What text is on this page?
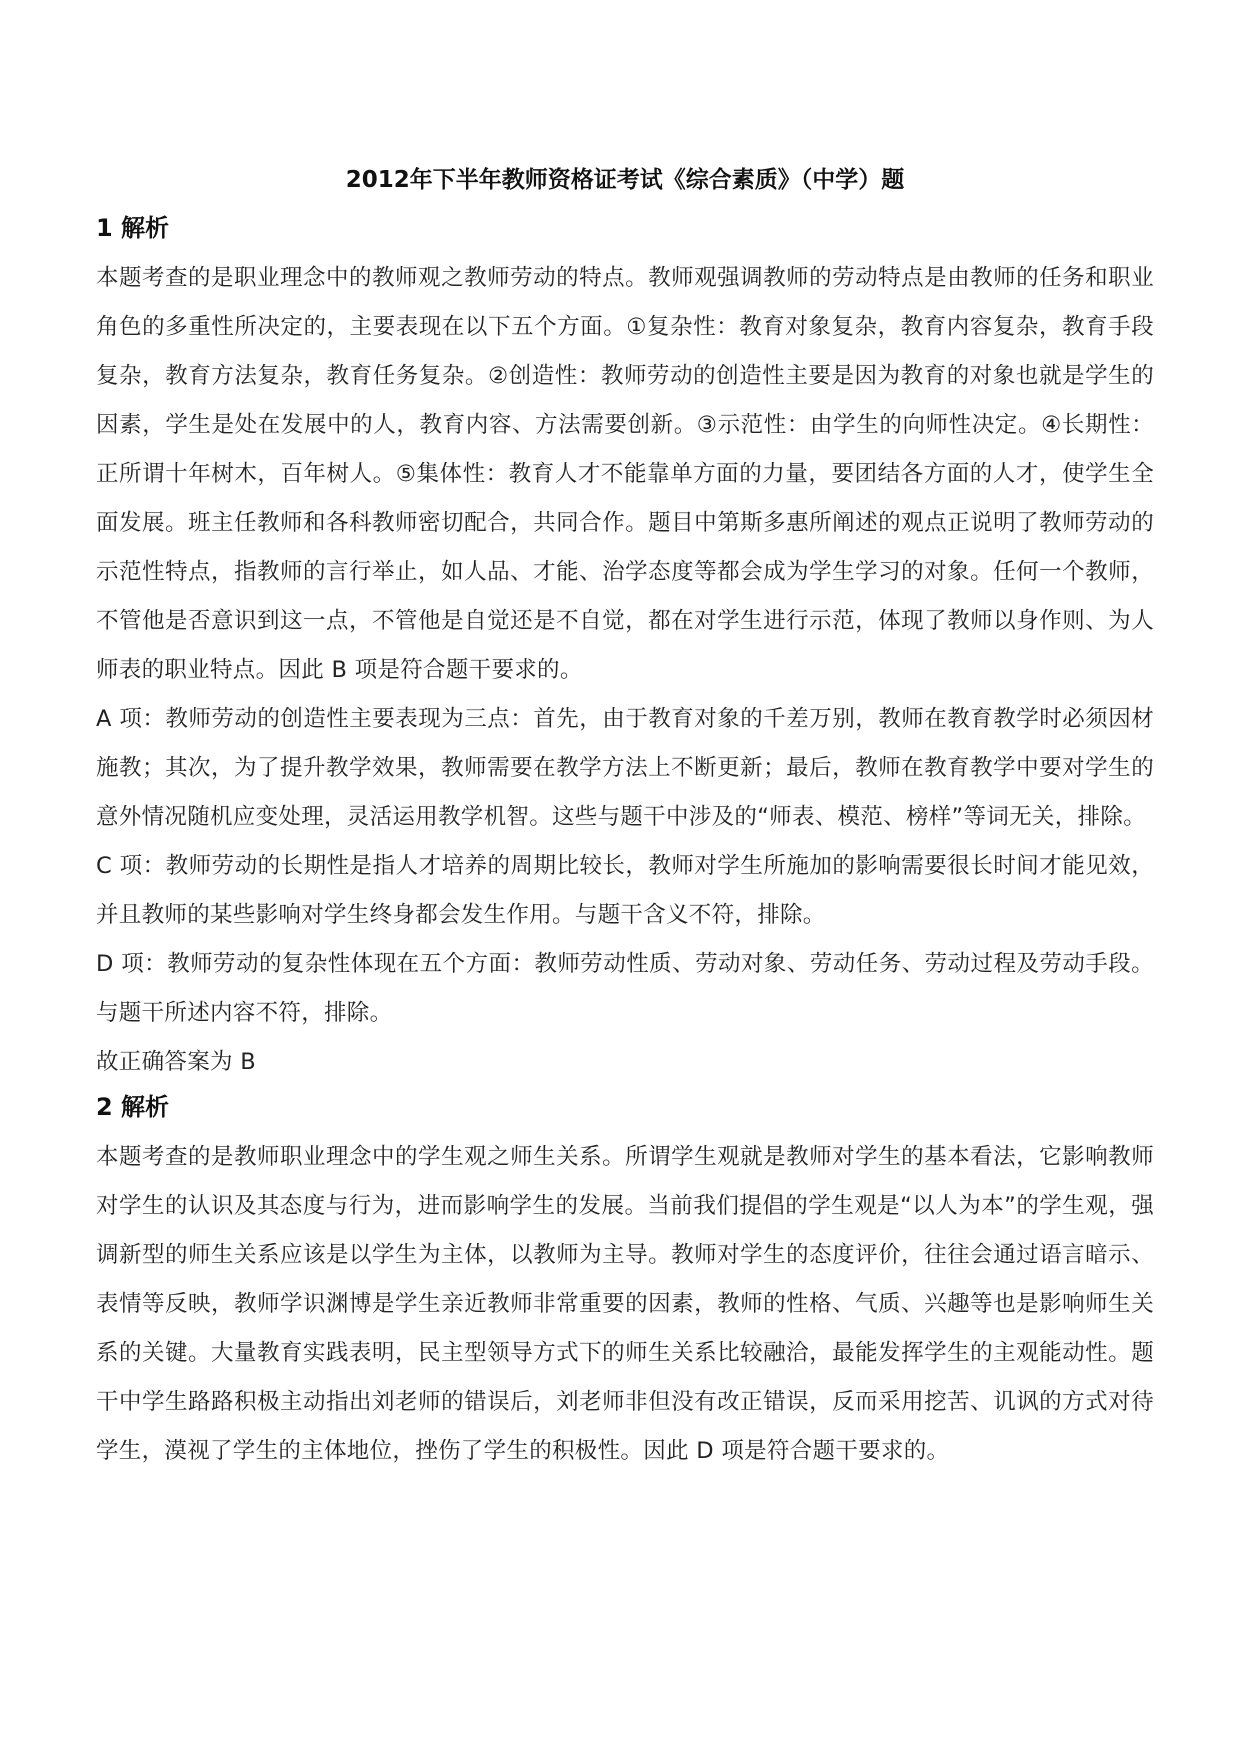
2012年下半年教师资格证考试《综合素质》（中学）题
1 解析

本题考查的是职业理念中的教师观之教师劳动的特点。教师观强调教师的劳动特点是由教师的任务和职业角色的多重性所决定的，主要表现在以下五个方面。①复杂性：教育对象复杂，教育内容复杂，教育手段复杂，教育方法复杂，教育任务复杂。②创造性：教师劳动的创造性主要是因为教育的对象也就是学生的因素，学生是处在发展中的人，教育内容、方法需要创新。③示范性：由学生的向师性决定。④长期性：正所谓十年树木，百年树人。⑤集体性：教育人才不能靠单方面的力量，要团结各方面的人才，使学生全面发展。班主任教师和各科教师密切配合，共同合作。题目中第斯多惠所阐述的观点正说明了教师劳动的示范性特点，指教师的言行举止，如人品、才能、治学态度等都会成为学生学习的对象。任何一个教师，不管他是否意识到这一点，不管他是自觉还是不自觉，都在对学生进行示范，体现了教师以身作则、为人师表的职业特点。因此 B 项是符合题干要求的。

A 项：教师劳动的创造性主要表现为三点：首先，由于教育对象的千差万别，教师在教育教学时必须因材施教；其次，为了提升教学效果，教师需要在教学方法上不断更新；最后，教师在教育教学中要对学生的意外情况随机应变处理，灵活运用教学机智。这些与题干中涉及的“师表、模范、榜样”等词无关，排除。

C 项：教师劳动的长期性是指人才培养的周期比较长，教师对学生所施加的影响需要很长时间才能见效，并且教师的某些影响对学生终身都会发生作用。与题干含义不符，排除。

D 项：教师劳动的复杂性体现在五个方面：教师劳动性质、劳动对象、劳动任务、劳动过程及劳动手段。与题干所述内容不符，排除。

故正确答案为 B

2 解析

本题考查的是教师职业理念中的学生观之师生关系。所谓学生观就是教师对学生的基本看法，它影响教师对学生的认识及其态度与行为，进而影响学生的发展。当前我们提倡的学生观是“以人为本”的学生观，强调新型的师生关系应该是以学生为主体，以教师为主导。教师对学生的态度评价，往往会通过语言暗示、表情等反映，教师学识渊博是学生亲近教师非常重要的因素，教师的性格、气质、兴趣等也是影响师生关系的关键。大量教育实践表明，民主型领导方式下的师生关系比较融洽，最能发挥学生的主观能动性。题干中学生路路积极主动指出刘老师的错误后，刘老师非但没有改正错误，反而采用挖苦、讥讽的方式对待学生，漠视了学生的主体地位，挫伤了学生的积极性。因此 D 项是符合题干要求的。
